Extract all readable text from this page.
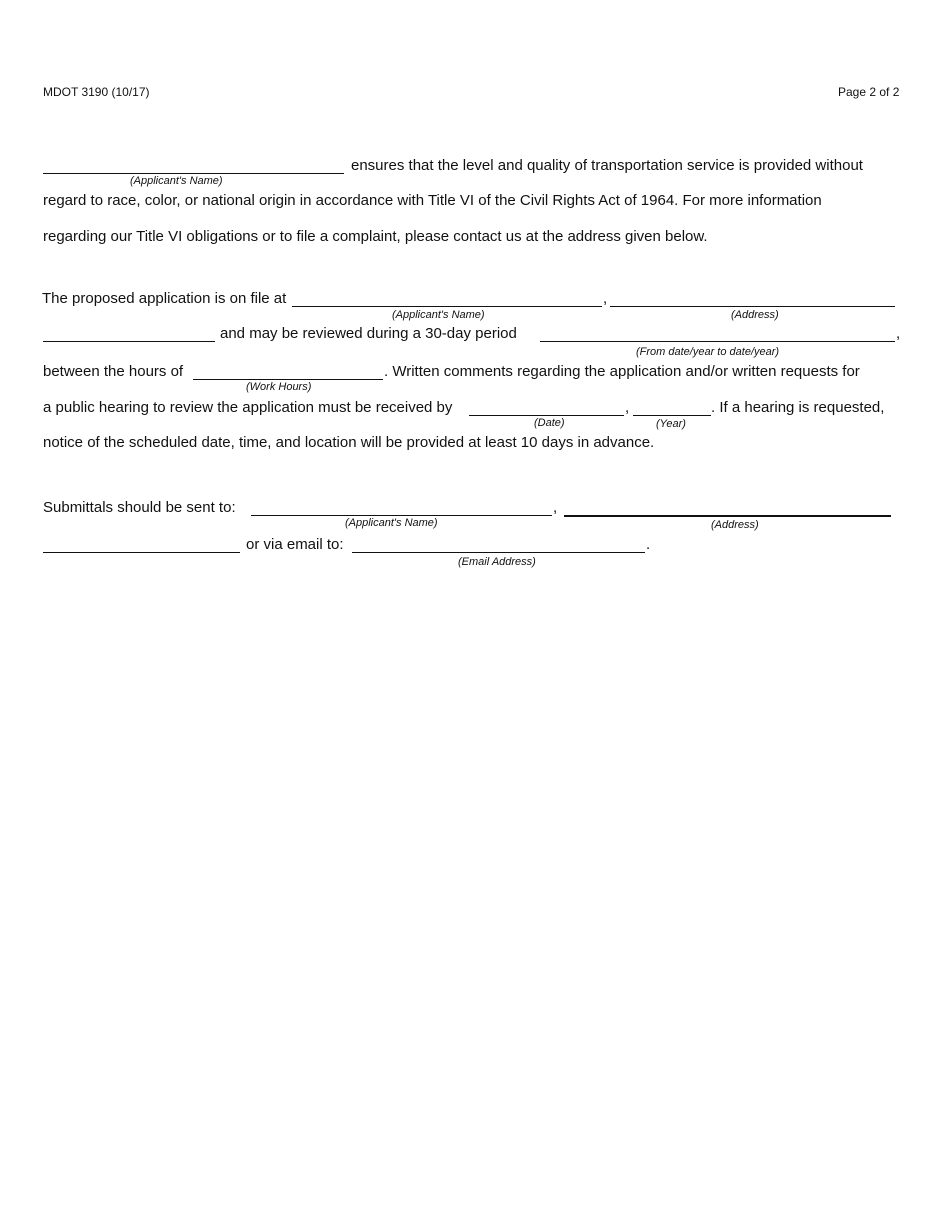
MDOT 3190 (10/17)	Page 2 of 2
ensures that the level and quality of transportation service is provided without
(Applicant's Name)
regard to race, color, or national origin in accordance with Title VI of the Civil Rights Act of 1964. For more information
regarding our Title VI obligations or to file a complaint, please contact us at the address given below.
The proposed application is on file at	,
(Applicant's Name)	(Address)
and may be reviewed during a 30-day period	,
(From date/year to date/year)
between the hours of	. Written comments regarding the application and/or written requests for
(Work Hours)
a public hearing to review the application must be received by	,	. If a hearing is requested,
(Date)	(Year)
notice of the scheduled date, time, and location will be provided at least 10 days in advance.
Submittals should be sent to:	,
(Applicant's Name)	(Address)
or via email to:	.
(Email Address)
